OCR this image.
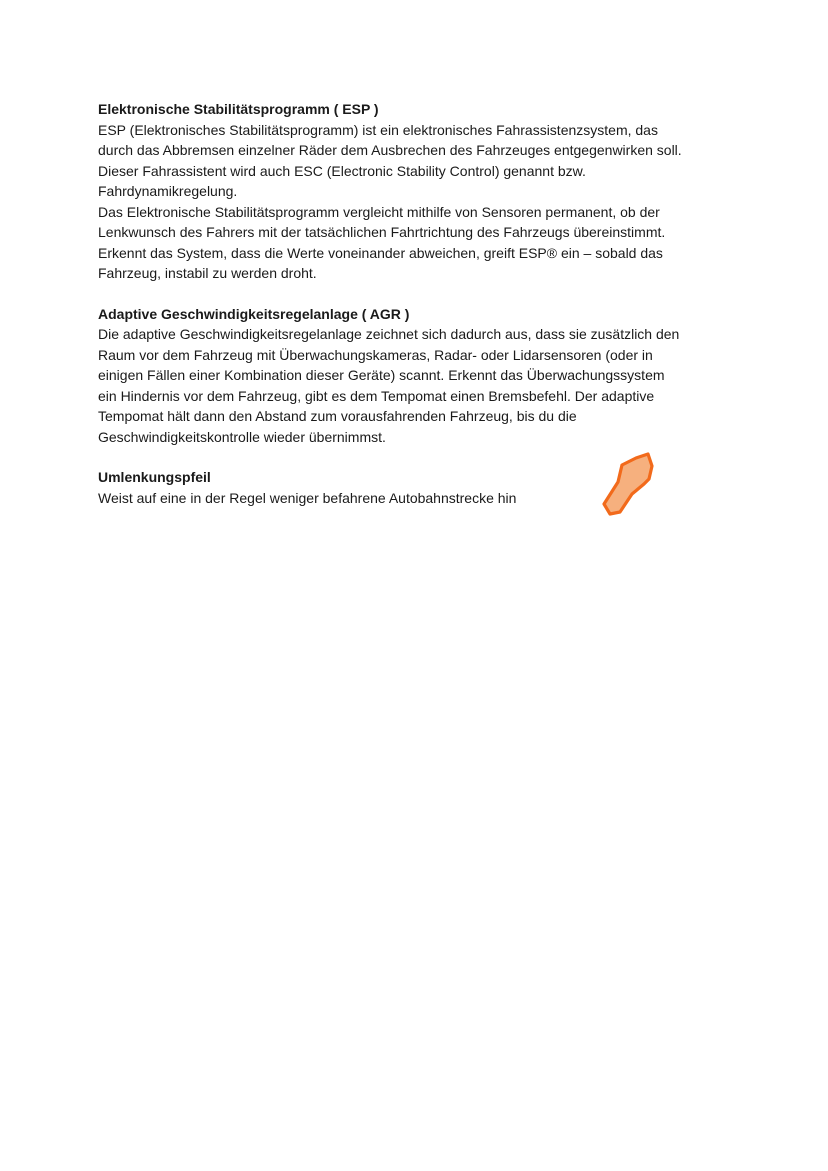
Elektronische Stabilitätsprogramm ( ESP )

ESP (Elektronisches Stabilitätsprogramm) ist ein elektronisches Fahrassistenzsystem, das
durch das Abbremsen einzelner Räder dem Ausbrechen des Fahrzeuges entgegenwirken soll.
Dieser Fahrassistent wird auch ESC (Electronic Stability Control) genannt bzw.
Fahrdynamikregelung.
Das Elektronische Stabilitätsprogramm vergleicht mithilfe von Sensoren permanent, ob der
Lenkwunsch des Fahrers mit der tatsächlichen Fahrtrichtung des Fahrzeugs übereinstimmt.
Erkennt das System, dass die Werte voneinander abweichen, greift ESP® ein – sobald das
Fahrzeug, instabil zu werden droht.

Adaptive Geschwindigkeitsregelanlage ( AGR )

Die adaptive Geschwindigkeitsregelanlage zeichnet sich dadurch aus, dass sie zusätzlich den
Raum vor dem Fahrzeug mit Überwachungskameras, Radar- oder Lidarsensoren (oder in
einigen Fällen einer Kombination dieser Geräte) scannt. Erkennt das Überwachungssystem
ein Hindernis vor dem Fahrzeug, gibt es dem Tempomat einen Bremsbefehl. Der adaptive
Tempomat hält dann den Abstand zum vorausfahrenden Fahrzeug, bis du die
Geschwindigkeitskontrolle wieder übernimmst.

Umlenkungspfeil

Weist auf eine in der Regel weniger befahrene Autobahnstrecke hin
